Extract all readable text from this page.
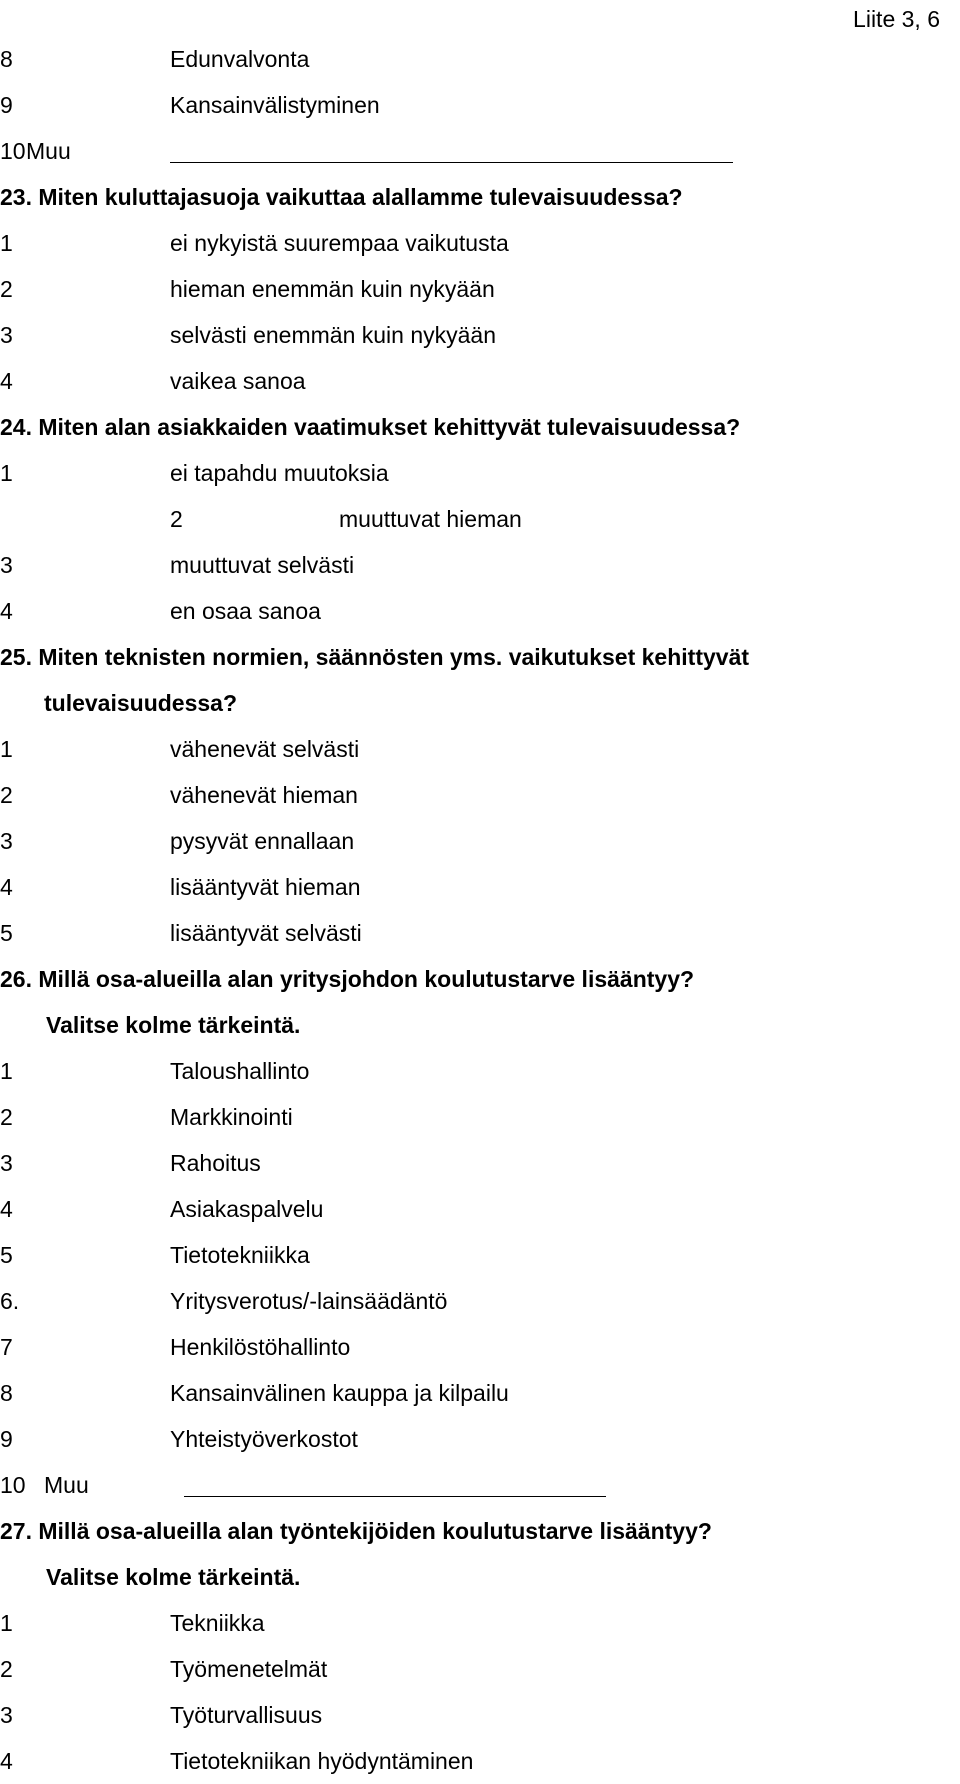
Liite 3, 6
8	Edunvalvonta
9	Kansainvälistyminen
10 Muu
23. Miten kuluttajasuoja vaikuttaa alallamme tulevaisuudessa?
1	ei nykyistä suurempaa vaikutusta
2	hieman enemmän kuin nykyään
3	selvästi enemmän kuin nykyään
4	vaikea sanoa
24. Miten alan asiakkaiden vaatimukset kehittyvät tulevaisuudessa?
1	ei tapahdu muutoksia
2	muuttuvat hieman
3	muuttuvat selvästi
4	en osaa sanoa
25. Miten teknisten normien, säännösten yms. vaikutukset kehittyvät
tulevaisuudessa?
1	vähenevät selvästi
2	vähenevät hieman
3	pysyvät ennallaan
4	lisääntyvät hieman
5	lisääntyvät selvästi
26. Millä osa-alueilla alan yritysjohdon koulutustarve lisääntyy?
Valitse kolme tärkeintä.
1	Taloushallinto
2	Markkinointi
3	Rahoitus
4	Asiakaspalvelu
5	Tietotekniikka
6.	Yritysverotus/-lainsäädäntö
7	Henkilöstöhallinto
8	Kansainvälinen kauppa ja kilpailu
9	Yhteistyöverkostot
10 Muu
27. Millä osa-alueilla alan työntekijöiden koulutustarve lisääntyy?
Valitse kolme tärkeintä.
1	Tekniikka
2	Työmenetelmät
3	Työturvallisuus
4	Tietotekniikan hyödyntäminen
